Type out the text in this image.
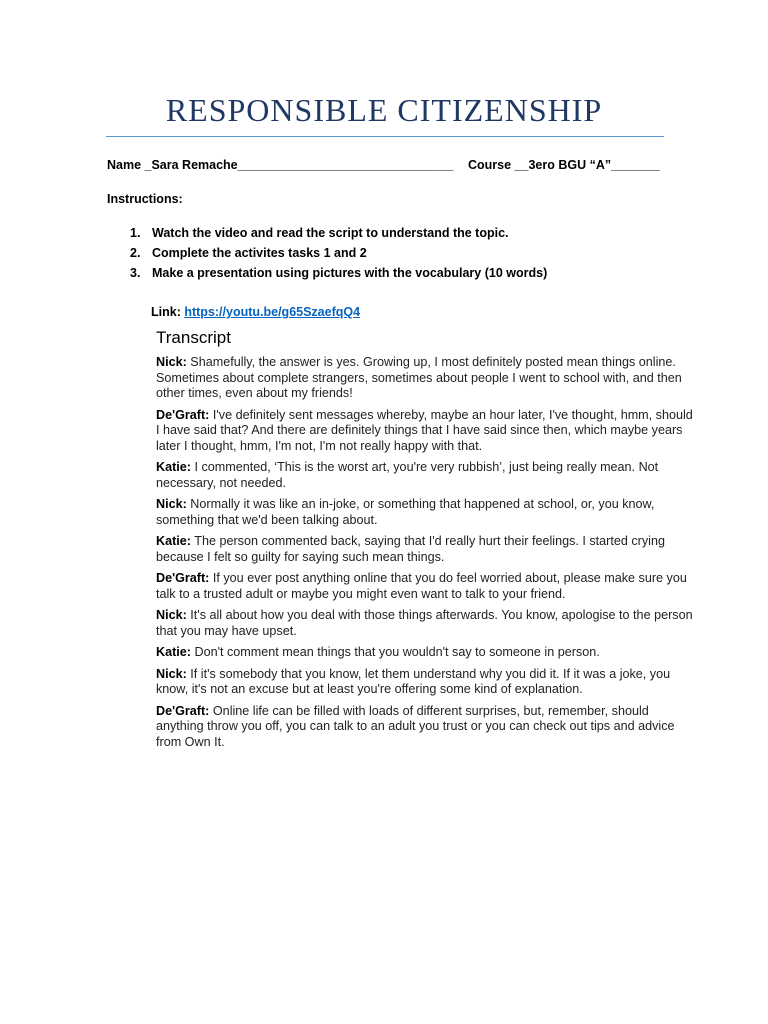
RESPONSIBLE CITIZENSHIP
Name _Sara Remache_______________________________ Course __3ero BGU “A”_______
Instructions:
1. Watch the video and read the script to understand the topic.
2. Complete the activites tasks 1 and 2
3. Make a presentation using pictures with the vocabulary (10 words)
Link: https://youtu.be/g65SzaefqQ4
Transcript

Nick: Shamefully, the answer is yes. Growing up, I most definitely posted mean things online. Sometimes about complete strangers, sometimes about people I went to school with, and then other times, even about my friends!

De'Graft: I've definitely sent messages whereby, maybe an hour later, I've thought, hmm, should I have said that? And there are definitely things that I have said since then, which maybe years later I thought, hmm, I'm not, I'm not really happy with that.

Katie: I commented, ‘This is the worst art, you're very rubbish’, just being really mean. Not necessary, not needed.

Nick: Normally it was like an in-joke, or something that happened at school, or, you know, something that we'd been talking about.

Katie: The person commented back, saying that I'd really hurt their feelings. I started crying because I felt so guilty for saying such mean things.

De'Graft: If you ever post anything online that you do feel worried about, please make sure you talk to a trusted adult or maybe you might even want to talk to your friend.

Nick: It's all about how you deal with those things afterwards. You know, apologise to the person that you may have upset.

Katie: Don't comment mean things that you wouldn't say to someone in person.

Nick: If it's somebody that you know, let them understand why you did it. If it was a joke, you know, it's not an excuse but at least you're offering some kind of explanation.

De'Graft: Online life can be filled with loads of different surprises, but, remember, should anything throw you off, you can talk to an adult you trust or you can check out tips and advice from Own It.
